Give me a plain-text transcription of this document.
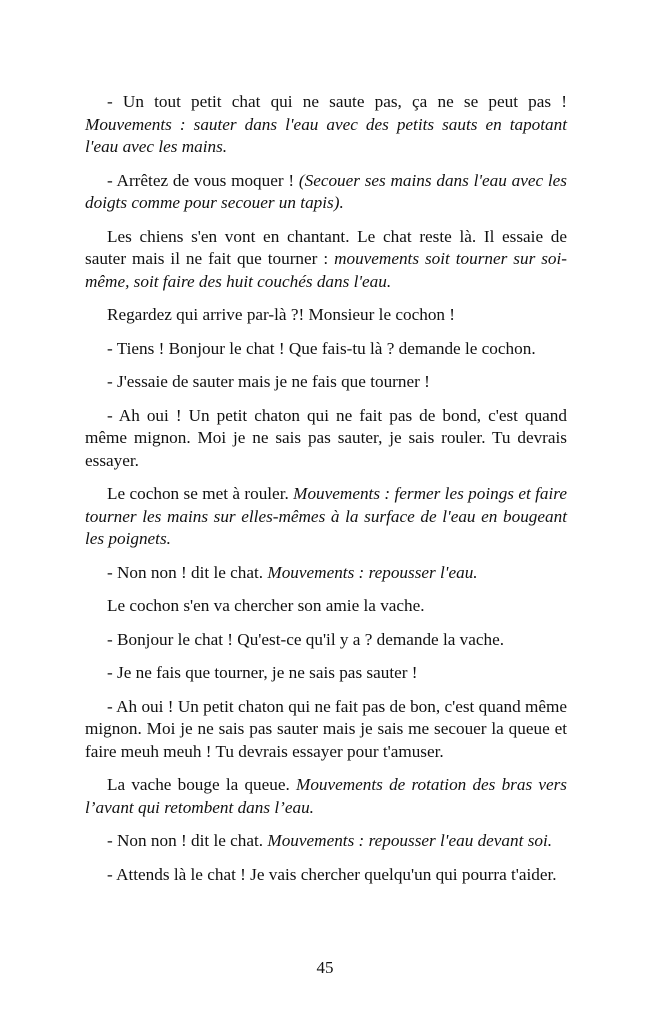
- Un tout petit chat qui ne saute pas, ça ne se peut pas ! Mouvements : sauter dans l'eau avec des petits sauts en tapotant l'eau avec les mains.

- Arrêtez de vous moquer ! (Secouer ses mains dans l'eau avec les doigts comme pour secouer un tapis).

Les chiens s'en vont en chantant. Le chat reste là. Il essaie de sauter mais il ne fait que tourner : mouvements soit tourner sur soi-même, soit faire des huit couchés dans l'eau.

Regardez qui arrive par-là ?! Monsieur le cochon !

- Tiens ! Bonjour le chat ! Que fais-tu là ? demande le cochon.

- J'essaie de sauter mais je ne fais que tourner !

- Ah oui ! Un petit chaton qui ne fait pas de bond, c'est quand même mignon. Moi je ne sais pas sauter, je sais rouler. Tu devrais essayer.

Le cochon se met à rouler. Mouvements : fermer les poings et faire tourner les mains sur elles-mêmes à la surface de l'eau en bougeant les poignets.

- Non non ! dit le chat. Mouvements : repousser l'eau.

Le cochon s'en va chercher son amie la vache.

- Bonjour le chat ! Qu'est-ce qu'il y a ? demande la vache.

- Je ne fais que tourner, je ne sais pas sauter !

- Ah oui ! Un petit chaton qui ne fait pas de bon, c'est quand même mignon. Moi je ne sais pas sauter mais je sais me secouer la queue et faire meuh meuh ! Tu devrais essayer pour t'amuser.

La vache bouge la queue. Mouvements de rotation des bras vers l’avant qui retombent dans l’eau.

- Non non ! dit le chat. Mouvements : repousser l'eau devant soi.

- Attends là le chat ! Je vais chercher quelqu'un qui pourra t'aider.

45
